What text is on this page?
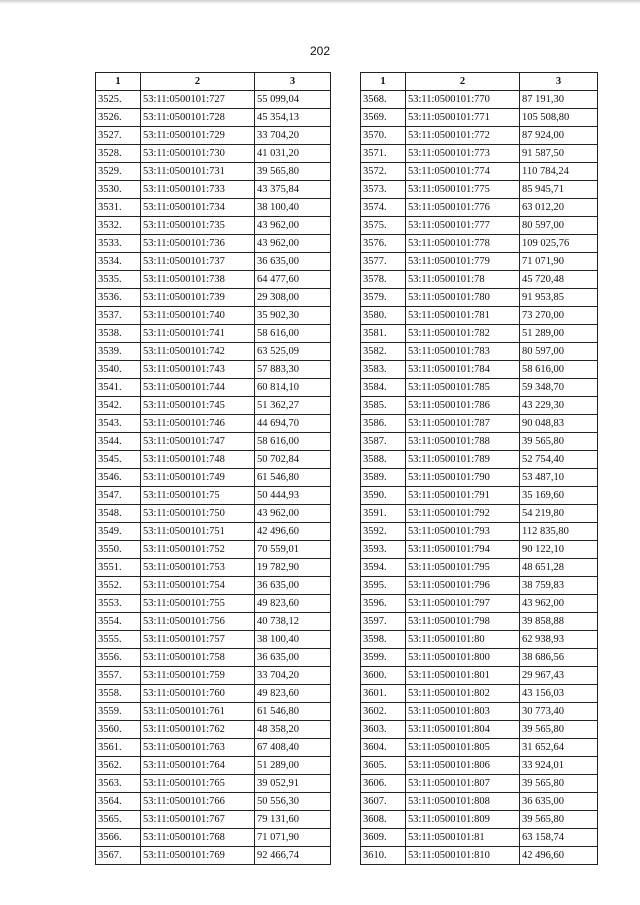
202
1	2	3
3525.	53:11:0500101:727	55 099,04
3526.	53:11:0500101:728	45 354,13
3527.	53:11:0500101:729	33 704,20
3528.	53:11:0500101:730	41 031,20
3529.	53:11:0500101:731	39 565,80
3530.	53:11:0500101:733	43 375,84
3531.	53:11:0500101:734	38 100,40
3532.	53:11:0500101:735	43 962,00
3533.	53:11:0500101:736	43 962,00
3534.	53:11:0500101:737	36 635,00
3535.	53:11:0500101:738	64 477,60
3536.	53:11:0500101:739	29 308,00
3537.	53:11:0500101:740	35 902,30
3538.	53:11:0500101:741	58 616,00
3539.	53:11:0500101:742	63 525,09
3540.	53:11:0500101:743	57 883,30
3541.	53:11:0500101:744	60 814,10
3542.	53:11:0500101:745	51 362,27
3543.	53:11:0500101:746	44 694,70
3544.	53:11:0500101:747	58 616,00
3545.	53:11:0500101:748	50 702,84
3546.	53:11:0500101:749	61 546,80
3547.	53:11:0500101:75	50 444,93
3548.	53:11:0500101:750	43 962,00
3549.	53:11:0500101:751	42 496,60
3550.	53:11:0500101:752	70 559,01
3551.	53:11:0500101:753	19 782,90
3552.	53:11:0500101:754	36 635,00
3553.	53:11:0500101:755	49 823,60
3554.	53:11:0500101:756	40 738,12
3555.	53:11:0500101:757	38 100,40
3556.	53:11:0500101:758	36 635,00
3557.	53:11:0500101:759	33 704,20
3558.	53:11:0500101:760	49 823,60
3559.	53:11:0500101:761	61 546,80
3560.	53:11:0500101:762	48 358,20
3561.	53:11:0500101:763	67 408,40
3562.	53:11:0500101:764	51 289,00
3563.	53:11:0500101:765	39 052,91
3564.	53:11:0500101:766	50 556,30
3565.	53:11:0500101:767	79 131,60
3566.	53:11:0500101:768	71 071,90
3567.	53:11:0500101:769	92 466,74
1	2	3
3568.	53:11:0500101:770	87 191,30
3569.	53:11:0500101:771	105 508,80
3570.	53:11:0500101:772	87 924,00
3571.	53:11:0500101:773	91 587,50
3572.	53:11:0500101:774	110 784,24
3573.	53:11:0500101:775	85 945,71
3574.	53:11:0500101:776	63 012,20
3575.	53:11:0500101:777	80 597,00
3576.	53:11:0500101:778	109 025,76
3577.	53:11:0500101:779	71 071,90
3578.	53:11:0500101:78	45 720,48
3579.	53:11:0500101:780	91 953,85
3580.	53:11:0500101:781	73 270,00
3581.	53:11:0500101:782	51 289,00
3582.	53:11:0500101:783	80 597,00
3583.	53:11:0500101:784	58 616,00
3584.	53:11:0500101:785	59 348,70
3585.	53:11:0500101:786	43 229,30
3586.	53:11:0500101:787	90 048,83
3587.	53:11:0500101:788	39 565,80
3588.	53:11:0500101:789	52 754,40
3589.	53:11:0500101:790	53 487,10
3590.	53:11:0500101:791	35 169,60
3591.	53:11:0500101:792	54 219,80
3592.	53:11:0500101:793	112 835,80
3593.	53:11:0500101:794	90 122,10
3594.	53:11:0500101:795	48 651,28
3595.	53:11:0500101:796	38 759,83
3596.	53:11:0500101:797	43 962,00
3597.	53:11:0500101:798	39 858,88
3598.	53:11:0500101:80	62 938,93
3599.	53:11:0500101:800	38 686,56
3600.	53:11:0500101:801	29 967,43
3601.	53:11:0500101:802	43 156,03
3602.	53:11:0500101:803	30 773,40
3603.	53:11:0500101:804	39 565,80
3604.	53:11:0500101:805	31 652,64
3605.	53:11:0500101:806	33 924,01
3606.	53:11:0500101:807	39 565,80
3607.	53:11:0500101:808	36 635,00
3608.	53:11:0500101:809	39 565,80
3609.	53:11:0500101:81	63 158,74
3610.	53:11:0500101:810	42 496,60
